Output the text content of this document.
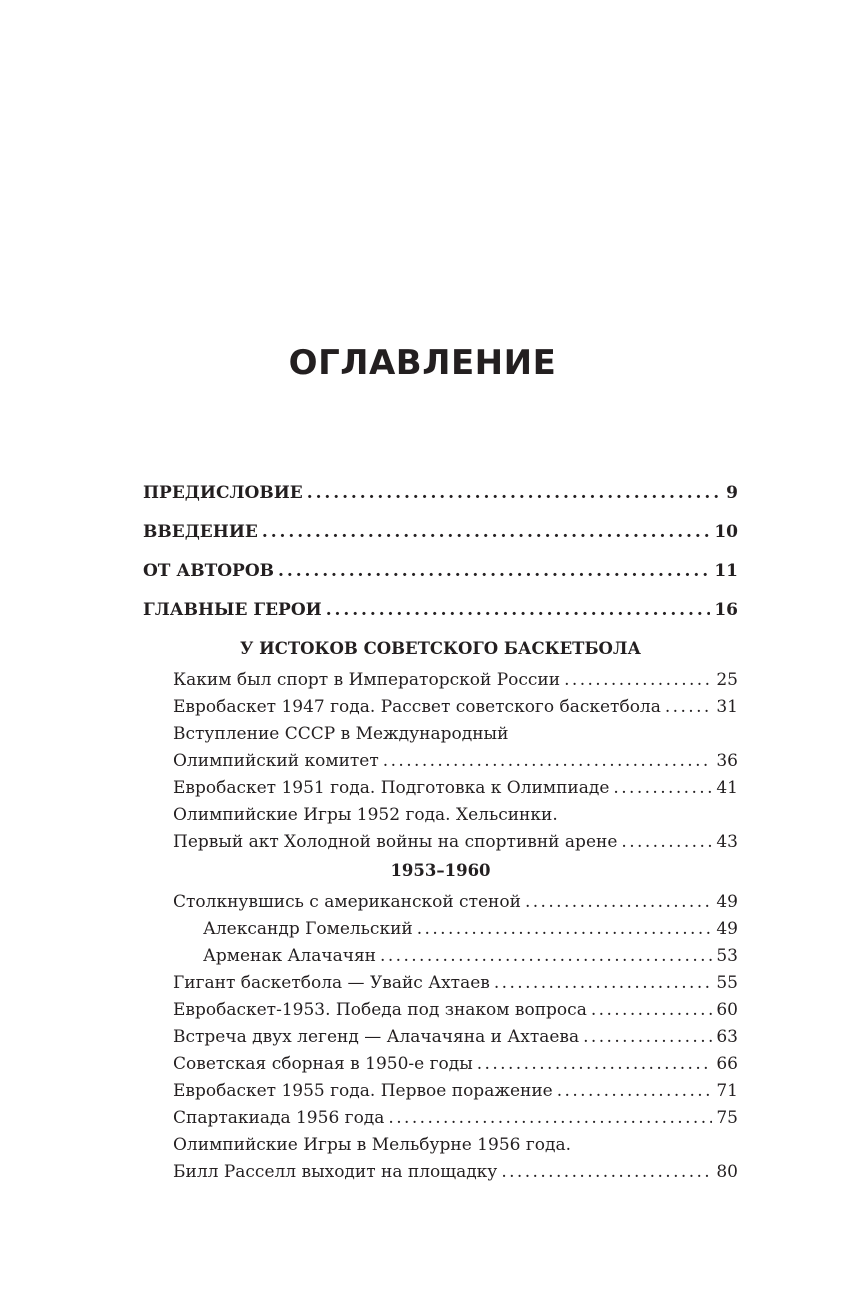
ОГЛАВЛЕНИЕ
ПРЕДИСЛОВИЕ . . .	9
ВВЕДЕНИЕ . . .	10
ОТ АВТОРОВ . . .	11
ГЛАВНЫЕ ГЕРОИ . . .	16
У ИСТОКОВ СОВЕТСКОГО БАСКЕТБОЛА
Каким был спорт в Императорской России . . .	25
Евробаскет 1947 года. Рассвет советского баскетбола . . .	31
Вступление СССР в Международный
Олимпийский комитет . . .	36
Евробаскет 1951 года. Подготовка к Олимпиаде . . .	41
Олимпийские Игры 1952 года. Хельсинки.
Первый акт Холодной войны на спортивнй арене . . .	43
1953–1960
Столкнувшись с американской стеной . . .	49
Александр Гомельский . . .	49
Арменак Алачачян . . .	53
Гигант баскетбола — Увайс Ахтаев . . .	55
Евробаскет-1953. Победа под знаком вопроса . . .	60
Встреча двух легенд — Алачачяна и Ахтаева . . .	63
Советская сборная в 1950-е годы . . .	66
Евробаскет 1955 года. Первое поражение . . .	71
Спартакиада 1956 года . . .	75
Олимпийские Игры в Мельбурне 1956 года.
Билл Расселл выходит на площадку . . .	80
